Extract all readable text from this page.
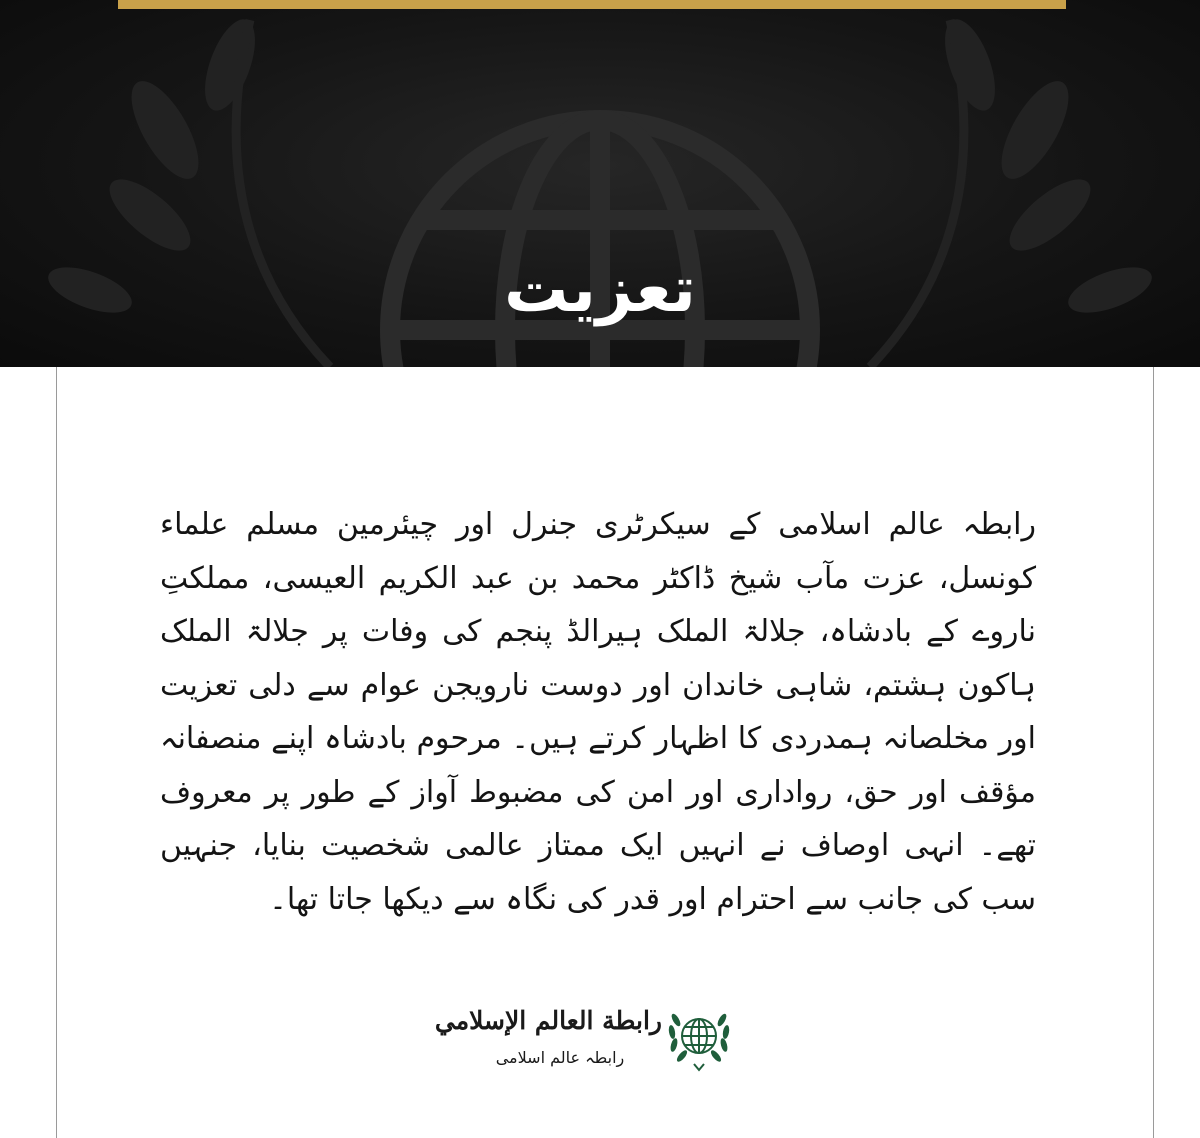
تعزیت
رابطہ عالم اسلامی کے سیکرٹری جنرل اور چیئرمین مسلم علماء کونسل، عزت مآب شیخ ڈاکٹر محمد بن عبد الکریم العیسی، مملکتِ ناروے کے بادشاہ، جلالۃ الملک ہیرالڈ پنجم کی وفات پر جلالۃ الملک ہاکون ہشتم، شاہی خاندان اور دوست نارویجن عوام سے دلی تعزیت اور مخلصانہ ہمدردی کا اظہار کرتے ہیں۔ مرحوم بادشاہ اپنے منصفانہ مؤقف اور حق، رواداری اور امن کی مضبوط آواز کے طور پر معروف تھے۔ انہی اوصاف نے انہیں ایک ممتاز عالمی شخصیت بنایا، جنہیں سب کی جانب سے احترام اور قدر کی نگاہ سے دیکھا جاتا تھا۔
رابطة العالم الإسلامي
رابطہ عالم اسلامی
